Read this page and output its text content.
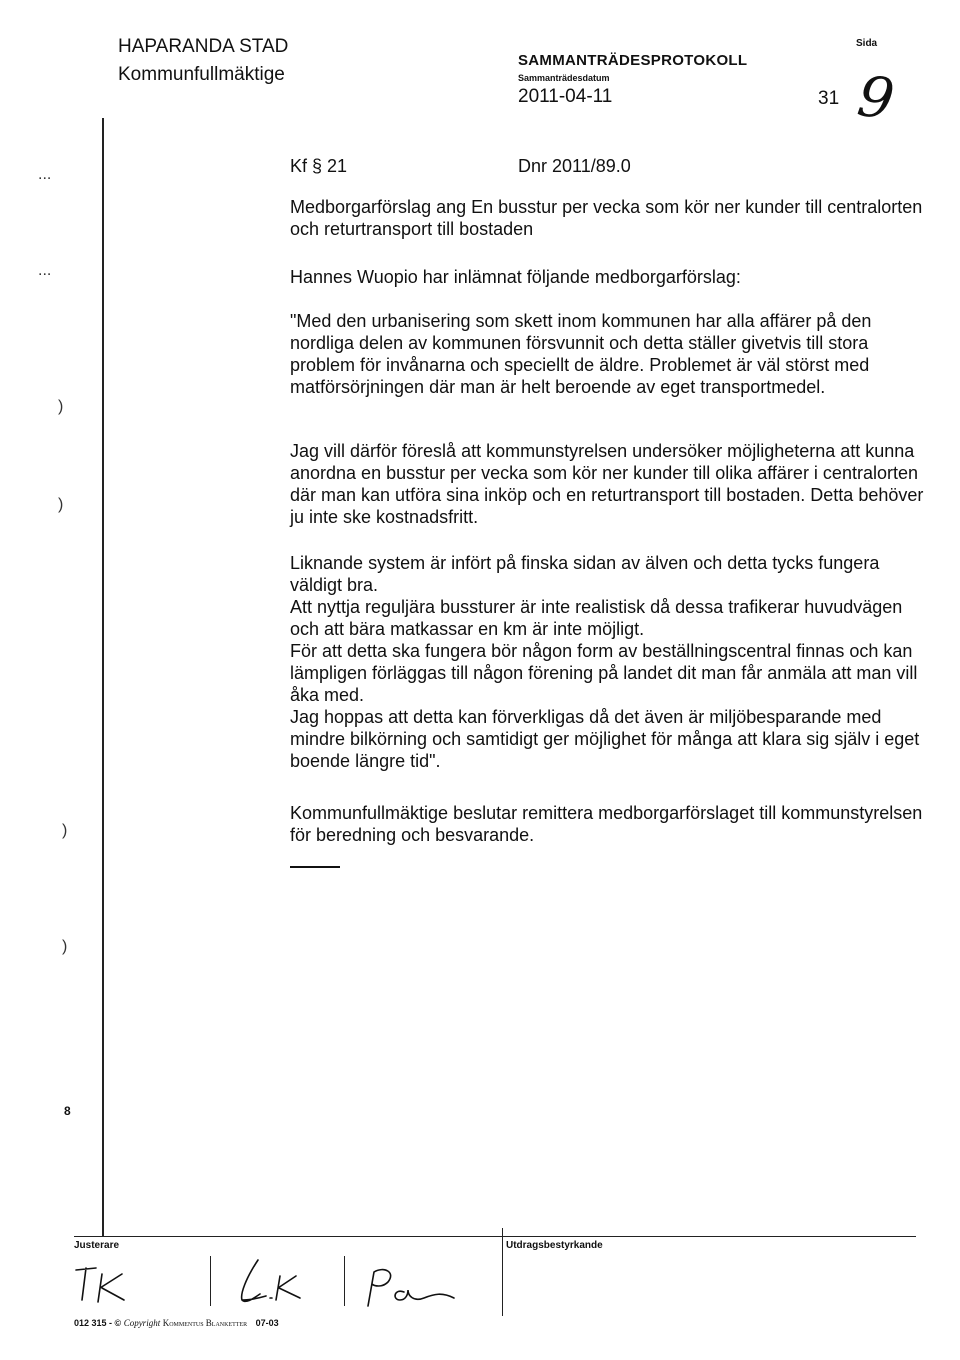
HAPARANDA STAD
Kommunfullmäktige
SAMMANTRÄDESPROTOKOLL
Sammanträdesdatum
2011-04-11
Sida
31 9
...
...
)
)
)
)
8
Kf § 21	Dnr 2011/89.0

Medborgarförslag ang En busstur per vecka som kör ner kunder till centralorten och returtransport till bostaden

Hannes Wuopio har inlämnat följande medborgarförslag:

"Med den urbanisering som skett inom kommunen har alla affärer på den nordliga delen av kommunen försvunnit och detta ställer givetvis till stora problem för invånarna och speciellt de äldre. Problemet är väl störst med matförsörjningen där man är helt beroende av eget transportmedel.

Jag vill därför föreslå att kommunstyrelsen undersöker möjligheterna att kunna anordna en busstur per vecka som kör ner kunder till olika affärer i centralorten där man kan utföra sina inköp och en returtransport till bostaden. Detta behöver ju inte ske kostnadsfritt.

Liknande system är infört på finska sidan av älven och detta tycks fungera väldigt bra.
Att nyttja reguljära bussturer är inte realistisk då dessa trafikerar huvudvägen och att bära matkassar en km är inte möjligt.
För att detta ska fungera bör någon form av beställningscentral finnas och kan lämpligen förläggas till någon förening på landet dit man får anmäla att man vill åka med.
Jag hoppas att detta kan förverkligas då det även är miljöbesparande med mindre bilkörning och samtidigt ger möjlighet för många att klara sig själv i eget boende längre tid".

Kommunfullmäktige beslutar remittera medborgarförslaget till kommunstyrelsen för beredning och besvarande.

Justerare	Utdragsbestyrkande
012 315 - © Copyright Kommentus Blanketter 07-03
